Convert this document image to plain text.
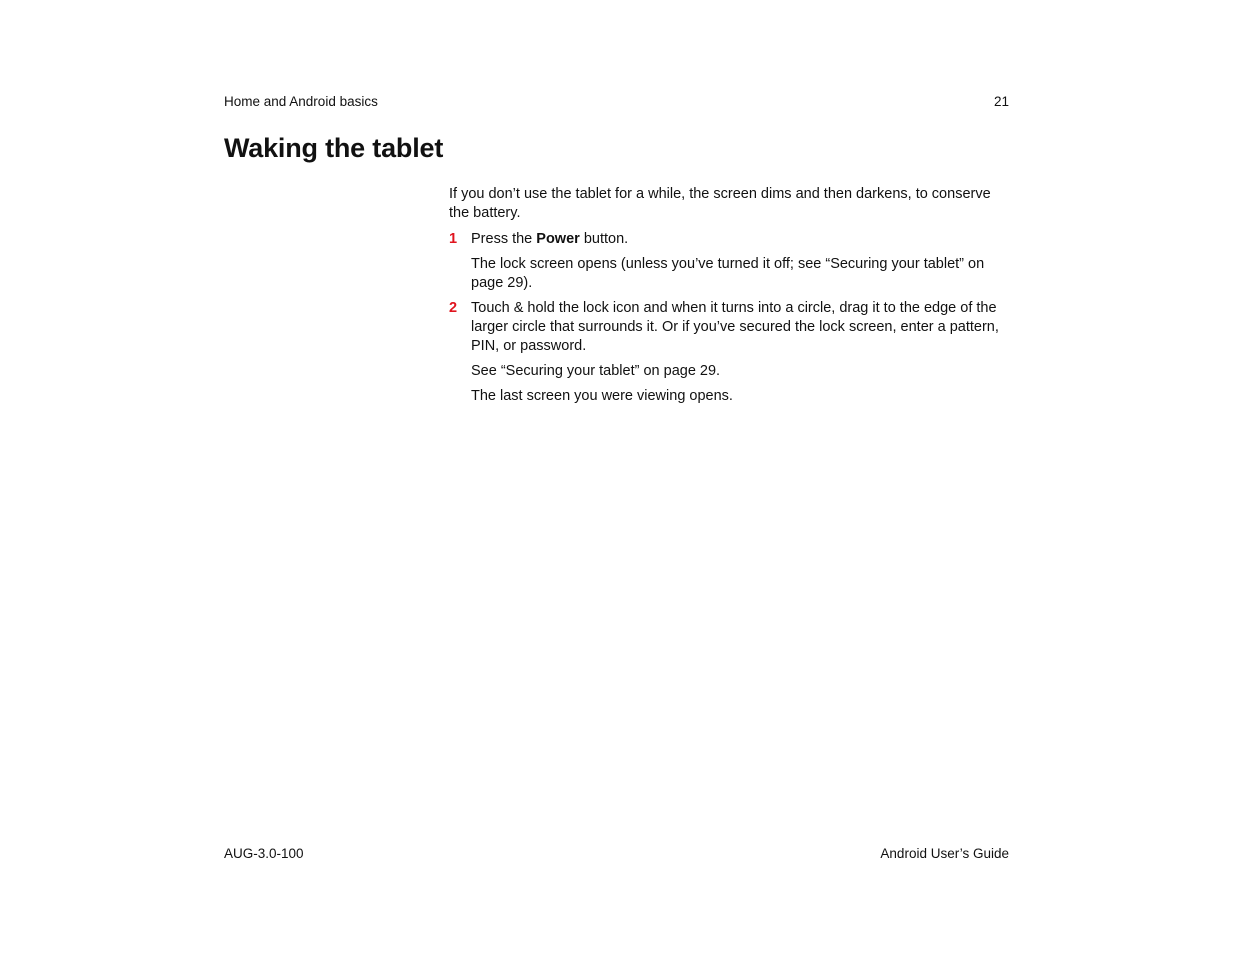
Home and Android basics	21
Waking the tablet

If you don’t use the tablet for a while, the screen dims and then darkens, to conserve the battery.

1 Press the Power button.

The lock screen opens (unless you’ve turned it off; see “Securing your tablet” on page 29).

2 Touch & hold the lock icon and when it turns into a circle, drag it to the edge of the larger circle that surrounds it. Or if you’ve secured the lock screen, enter a pattern, PIN, or password.

See “Securing your tablet” on page 29.

The last screen you were viewing opens.

AUG-3.0-100	Android User’s Guide
